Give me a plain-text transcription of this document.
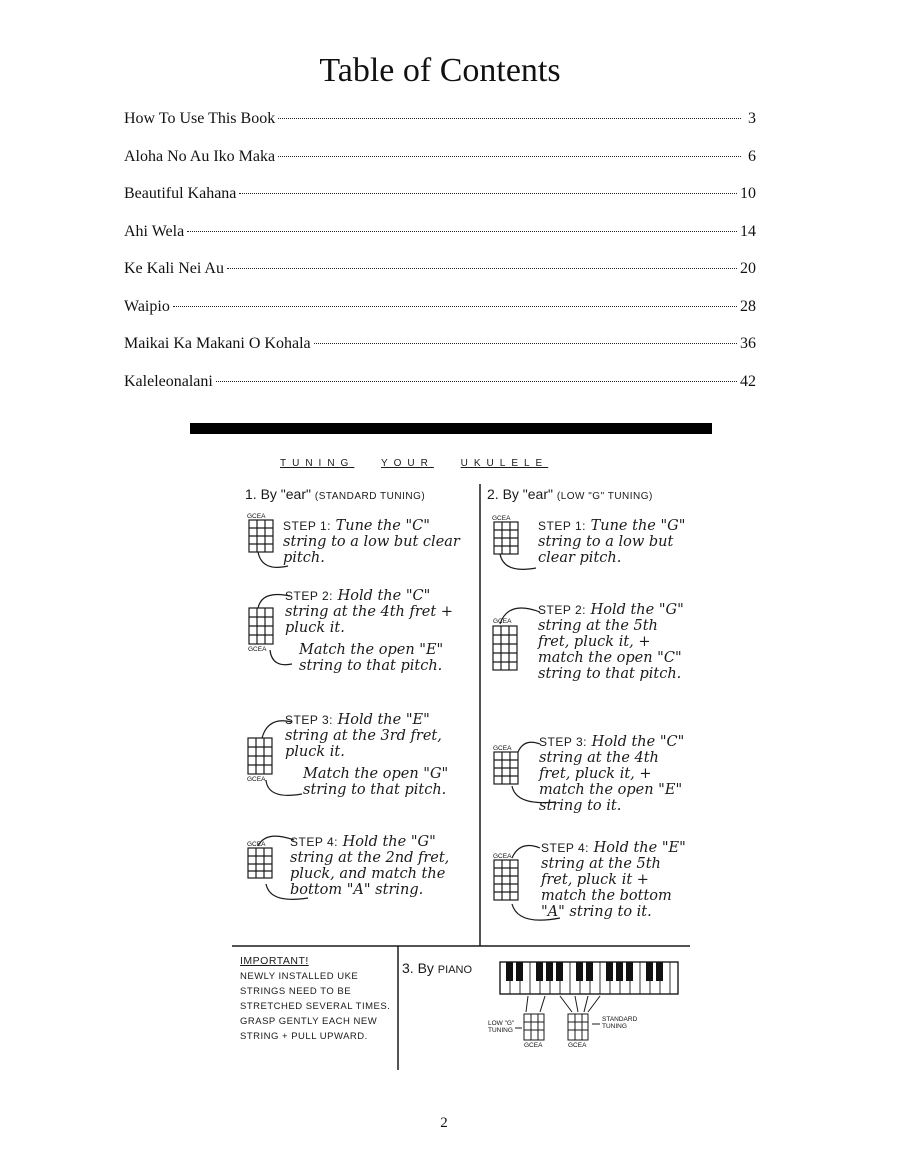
Table of Contents
How To Use This Book	3
Aloha No Au Iko Maka	6
Beautiful Kahana	10
Ahi Wela	14
Ke Kali Nei Au	20
Waipio	28
Maikai Ka Makani O Kohala	36
Kaleleonalani	42
TUNING	YOUR	UKULELE
1. By "ear" (STANDARD TUNING)	2. By "ear" (LOW "G" TUNING)
GCEA
GCEA
GCEA
GCEA
GCEA
GCEA
GCEA
GCEA
GCEA	GCEA
LOW "G" TUNING
STANDARD TUNING

STEP 1: Tune the "C" string to a low but clear pitch.

STEP 2: Hold the "C" string at the 4th fret + pluck it.

Match the open "E" string to that pitch.

STEP 3: Hold the "E" string at the 3rd fret, pluck it.

Match the open "G" string to that pitch.

STEP 4: Hold the "G" string at the 2nd fret, pluck, and match the bottom "A" string.

STEP 1: Tune the "G" string to a low but clear pitch.

STEP 2: Hold the "G" string at the 5th fret, pluck it, + match the open "C" string to that pitch.

STEP 3: Hold the "C" string at the 4th fret, pluck it, + match the open "E" string to it.

STEP 4: Hold the "E" string at the 5th fret, pluck it + match the bottom "A" string to it.

IMPORTANT!
NEWLY INSTALLED UKE STRINGS NEED TO BE STRETCHED SEVERAL TIMES. GRASP GENTLY EACH NEW STRING + PULL UPWARD.
3. By PIANO
2
